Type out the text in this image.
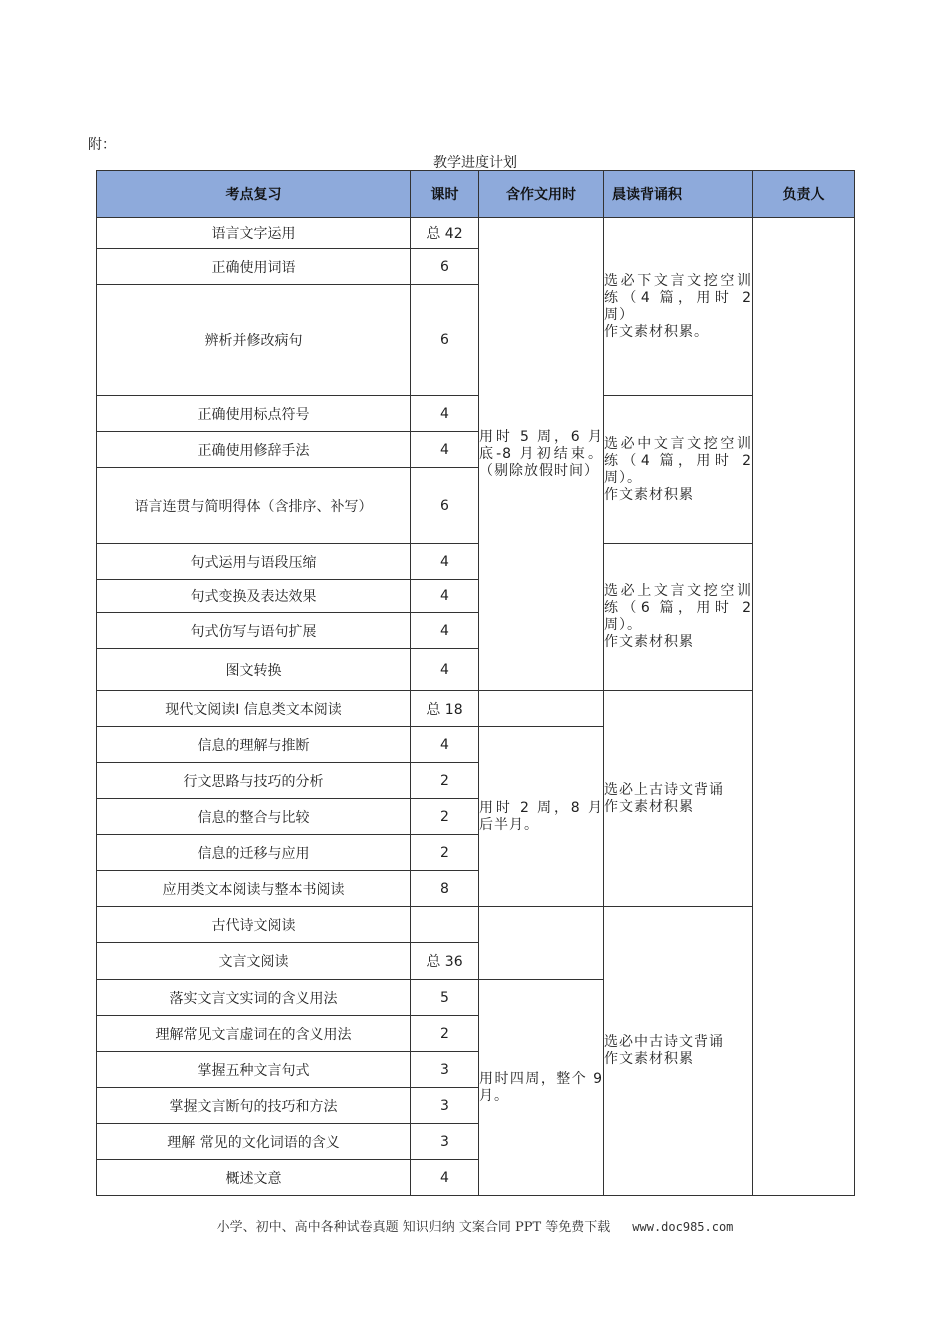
附：
教学进度计划
考点复习	课时	含作文用时	晨读背诵积	负责人
语言文字运用	总 42	用时 5 周，6 月底-8 月初结束。（剔除放假时间）	选必下文言文挖空训练（4 篇，用时 2 周）
作文素材积累。	

正确使用词语	6			
辨析并修改病句	6			
正确使用标点符号	4		选必中文言文挖空训练（4 篇，用时 2 周）。
作文素材积累	

正确使用修辞手法	4			
语言连贯与简明得体（含排序、补写）	6			
句式运用与语段压缩	4		选必上文言文挖空训练（6 篇，用时 2 周）。
作文素材积累	

句式变换及表达效果	4			
句式仿写与语句扩展	4			
图文转换	4			
现代文阅读Ⅰ 信息类文本阅读	总 18		选必上古诗文背诵
作文素材积累	

信息的理解与推断	4	用时 2 周，8 月后半月。		
行文思路与技巧的分析	2			
信息的整合与比较	2			
信息的迁移与应用	2			
应用类文本阅读与整本书阅读	8			
古代诗文阅读			选必中古诗文背诵
作文素材积累	

文言文阅读	总 36			
落实文言文实词的含义用法	5	用时四周，整个 9 月。		
理解常见文言虚词在的含义用法	2			
掌握五种文言句式	3			
掌握文言断句的技巧和方法	3			
理解 常见的文化词语的含义	3			
概述文意	4			
小学、初中、高中各种试卷真题 知识归纳 文案合同 PPT 等免费下载 www.doc985.com
